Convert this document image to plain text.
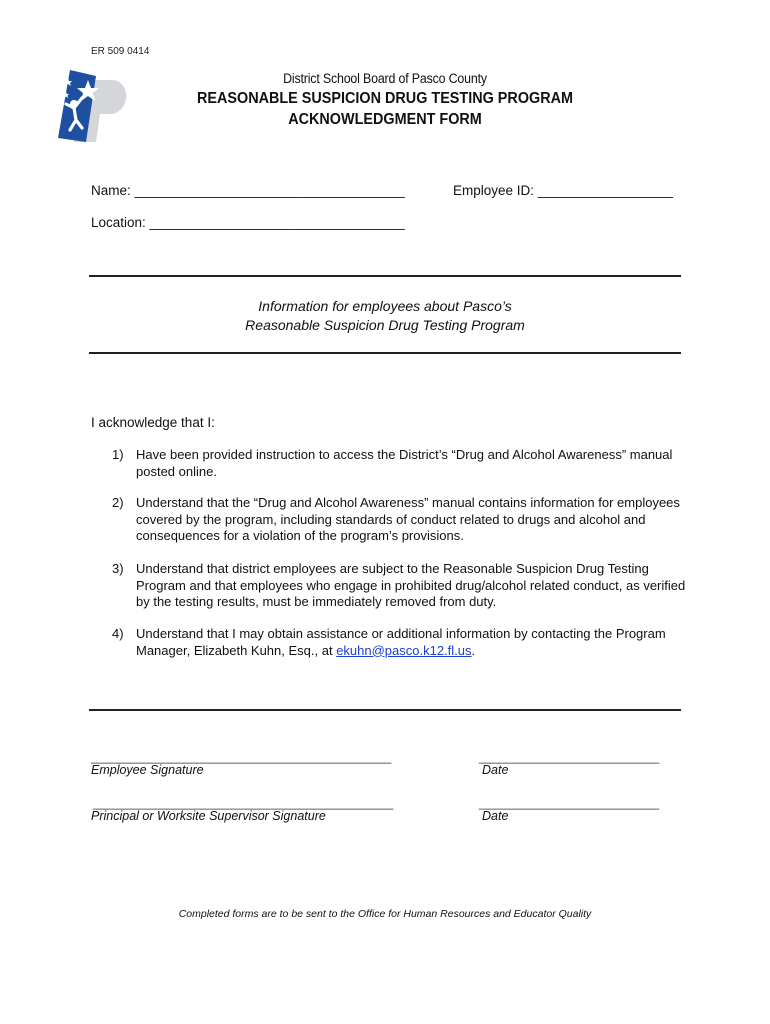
ER 509 0414
District School Board of Pasco County
REASONABLE SUSPICION DRUG TESTING PROGRAM
ACKNOWLEDGMENT FORM
Name: ____________________________________	Employee ID: __________________
Location: __________________________________
Information for employees about Pasco’s
Reasonable Suspicion Drug Testing Program
I acknowledge that I:
1) Have been provided instruction to access the District’s “Drug and Alcohol Awareness” manual posted online.
2) Understand that the “Drug and Alcohol Awareness” manual contains information for employees covered by the program, including standards of conduct related to drugs and alcohol and consequences for a violation of the program’s provisions.
3) Understand that district employees are subject to the Reasonable Suspicion Drug Testing Program and that employees who engage in prohibited drug/alcohol related conduct, as verified by the testing results, must be immediately removed from duty.
4) Understand that I may obtain assistance or additional information by contacting the Program Manager, Elizabeth Kuhn, Esq., at ekuhn@pasco.k12.fl.us.
_____________________________________________	___________________________
Employee Signature	Date
_____________________________________________	___________________________
Principal or Worksite Supervisor Signature	Date
Completed forms are to be sent to the Office for Human Resources and Educator Quality
